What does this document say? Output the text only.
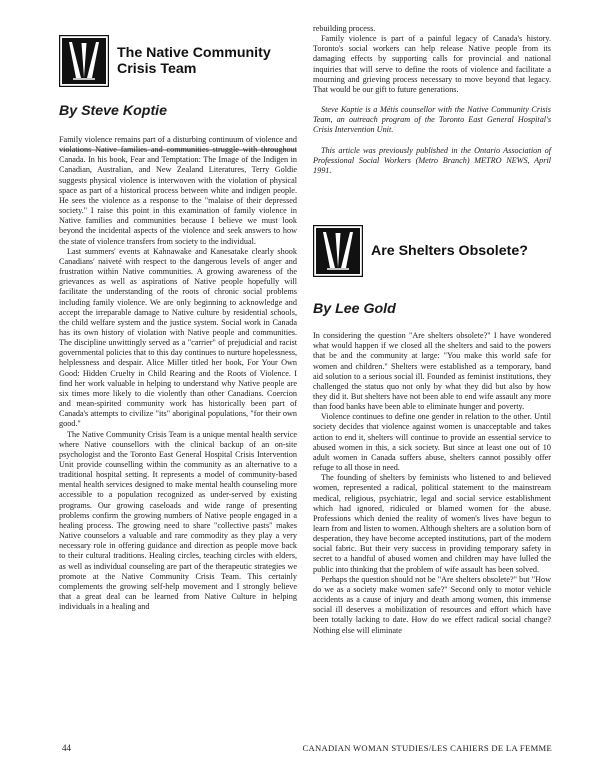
The Native Community
Crisis Team

By Steve Koptie

Family violence remains part of a disturbing continuum of violence and violations Native families and communities struggle with throughout Canada. In his book, Fear and Temptation: The Image of the Indigen in Canadian, Australian, and New Zealand Literatures, Terry Goldie suggests physical violence is interwoven with the violation of physical space as part of a historical process between white and indigen people. He sees the violence as a response to the "malaise of their depressed society." I raise this point in this examination of family violence in Native families and communities because I believe we must look beyond the incidental aspects of the violence and seek answers to how the state of violence transfers from society to the individual.

Last summers' events at Kahnawake and Kanesatake clearly shook Canadians' naiveté with respect to the dangerous levels of anger and frustration within Native communities. A growing awareness of the grievances as well as aspirations of Native people hopefully will facilitate the understanding of the roots of chronic social problems including family violence. We are only beginning to acknowledge and accept the irreparable damage to Native culture by residential schools, the child welfare system and the justice system. Social work in Canada has its own history of violation with Native people and communities. The discipline unwittingly served as a "carrier" of prejudicial and racist governmental policies that to this day continues to nurture hopelessness, helplessness and despair. Alice Miller titled her book, For Your Own Good: Hidden Cruelty in Child Rearing and the Roots of Violence. I find her work valuable in helping to understand why Native people are six times more likely to die violently than other Canadians. Coercion and mean-spirited community work has historically been part of Canada's attempts to civilize "its" aboriginal populations, "for their own good."

The Native Community Crisis Team is a unique mental health service where Native counsellors with the clinical backup of an on-site psychologist and the Toronto East General Hospital Crisis Intervention Unit provide counselling within the community as an alternative to a traditional hospital setting. It represents a model of community-based mental health services designed to make mental health counseling more accessible to a population recognized as under-served by existing programs. Our growing caseloads and wide range of presenting problems confirm the growing numbers of Native people engaged in a healing process. The growing need to share "collective pasts" makes Native counselors a valuable and rare commodity as they play a very necessary role in offering guidance and direction as people move back to their cultural traditions. Healing circles, teaching circles with elders, as well as individual counseling are part of the therapeutic strategies we promote at the Native Community Crisis Team. This certainly complements the growing self-help movement and I strongly believe that a great deal can be learned from Native Culture in helping individuals in a healing and

rebuilding process.

Family violence is part of a painful legacy of Canada's history. Toronto's social workers can help release Native people from its damaging effects by supporting calls for provincial and national inquiries that will serve to define the roots of violence and facilitate a mourning and grieving process necessary to move beyond that legacy. That would be our gift to future generations.

Steve Koptie is a Métis counsellor with the Native Community Crisis Team, an outreach program of the Toronto East General Hospital's Crisis Intervention Unit.

This article was previously published in the Ontario Association of Professional Social Workers (Metro Branch) METRO NEWS, April 1991.

Are Shelters Obsolete?

By Lee Gold

In considering the question "Are shelters obsolete?" I have wondered what would happen if we closed all the shelters and said to the powers that be and the community at large: "You make this world safe for women and children." Shelters were established as a temporary, band aid solution to a serious social ill. Founded as feminist institutions, they challenged the status quo not only by what they did but also by how they did it. But shelters have not been able to end wife assault any more than food banks have been able to eliminate hunger and poverty.

Violence continues to define one gender in relation to the other. Until society decides that violence against women is unacceptable and takes action to end it, shelters will continue to provide an essential service to abused women in this, a sick society. But since at least one out of 10 adult women in Canada suffers abuse, shelters cannot possibly offer refuge to all those in need.

The founding of shelters by feminists who listened to and believed women, represented a radical, political statement to the mainstream medical, religious, psychiatric, legal and social service establishment which had ignored, ridiculed or blamed women for the abuse. Professions which denied the reality of women's lives have begun to learn from and listen to women. Although shelters are a solution born of desperation, they have become accepted institutions, part of the modern social fabric. But their very success in providing temporary safety in secret to a handful of abused women and children may have lulled the public into thinking that the problem of wife assault has been solved.

Perhaps the question should not be "Are shelters obsolete?" but "How do we as a society make women safe?" Second only to motor vehicle accidents as a cause of injury and death among women, this immense social ill deserves a mobilization of resources and effort which have been totally lacking to date. How do we effect radical social change? Nothing else will eliminate

44	CANADIAN WOMAN STUDIES/LES CAHIERS DE LA FEMME
